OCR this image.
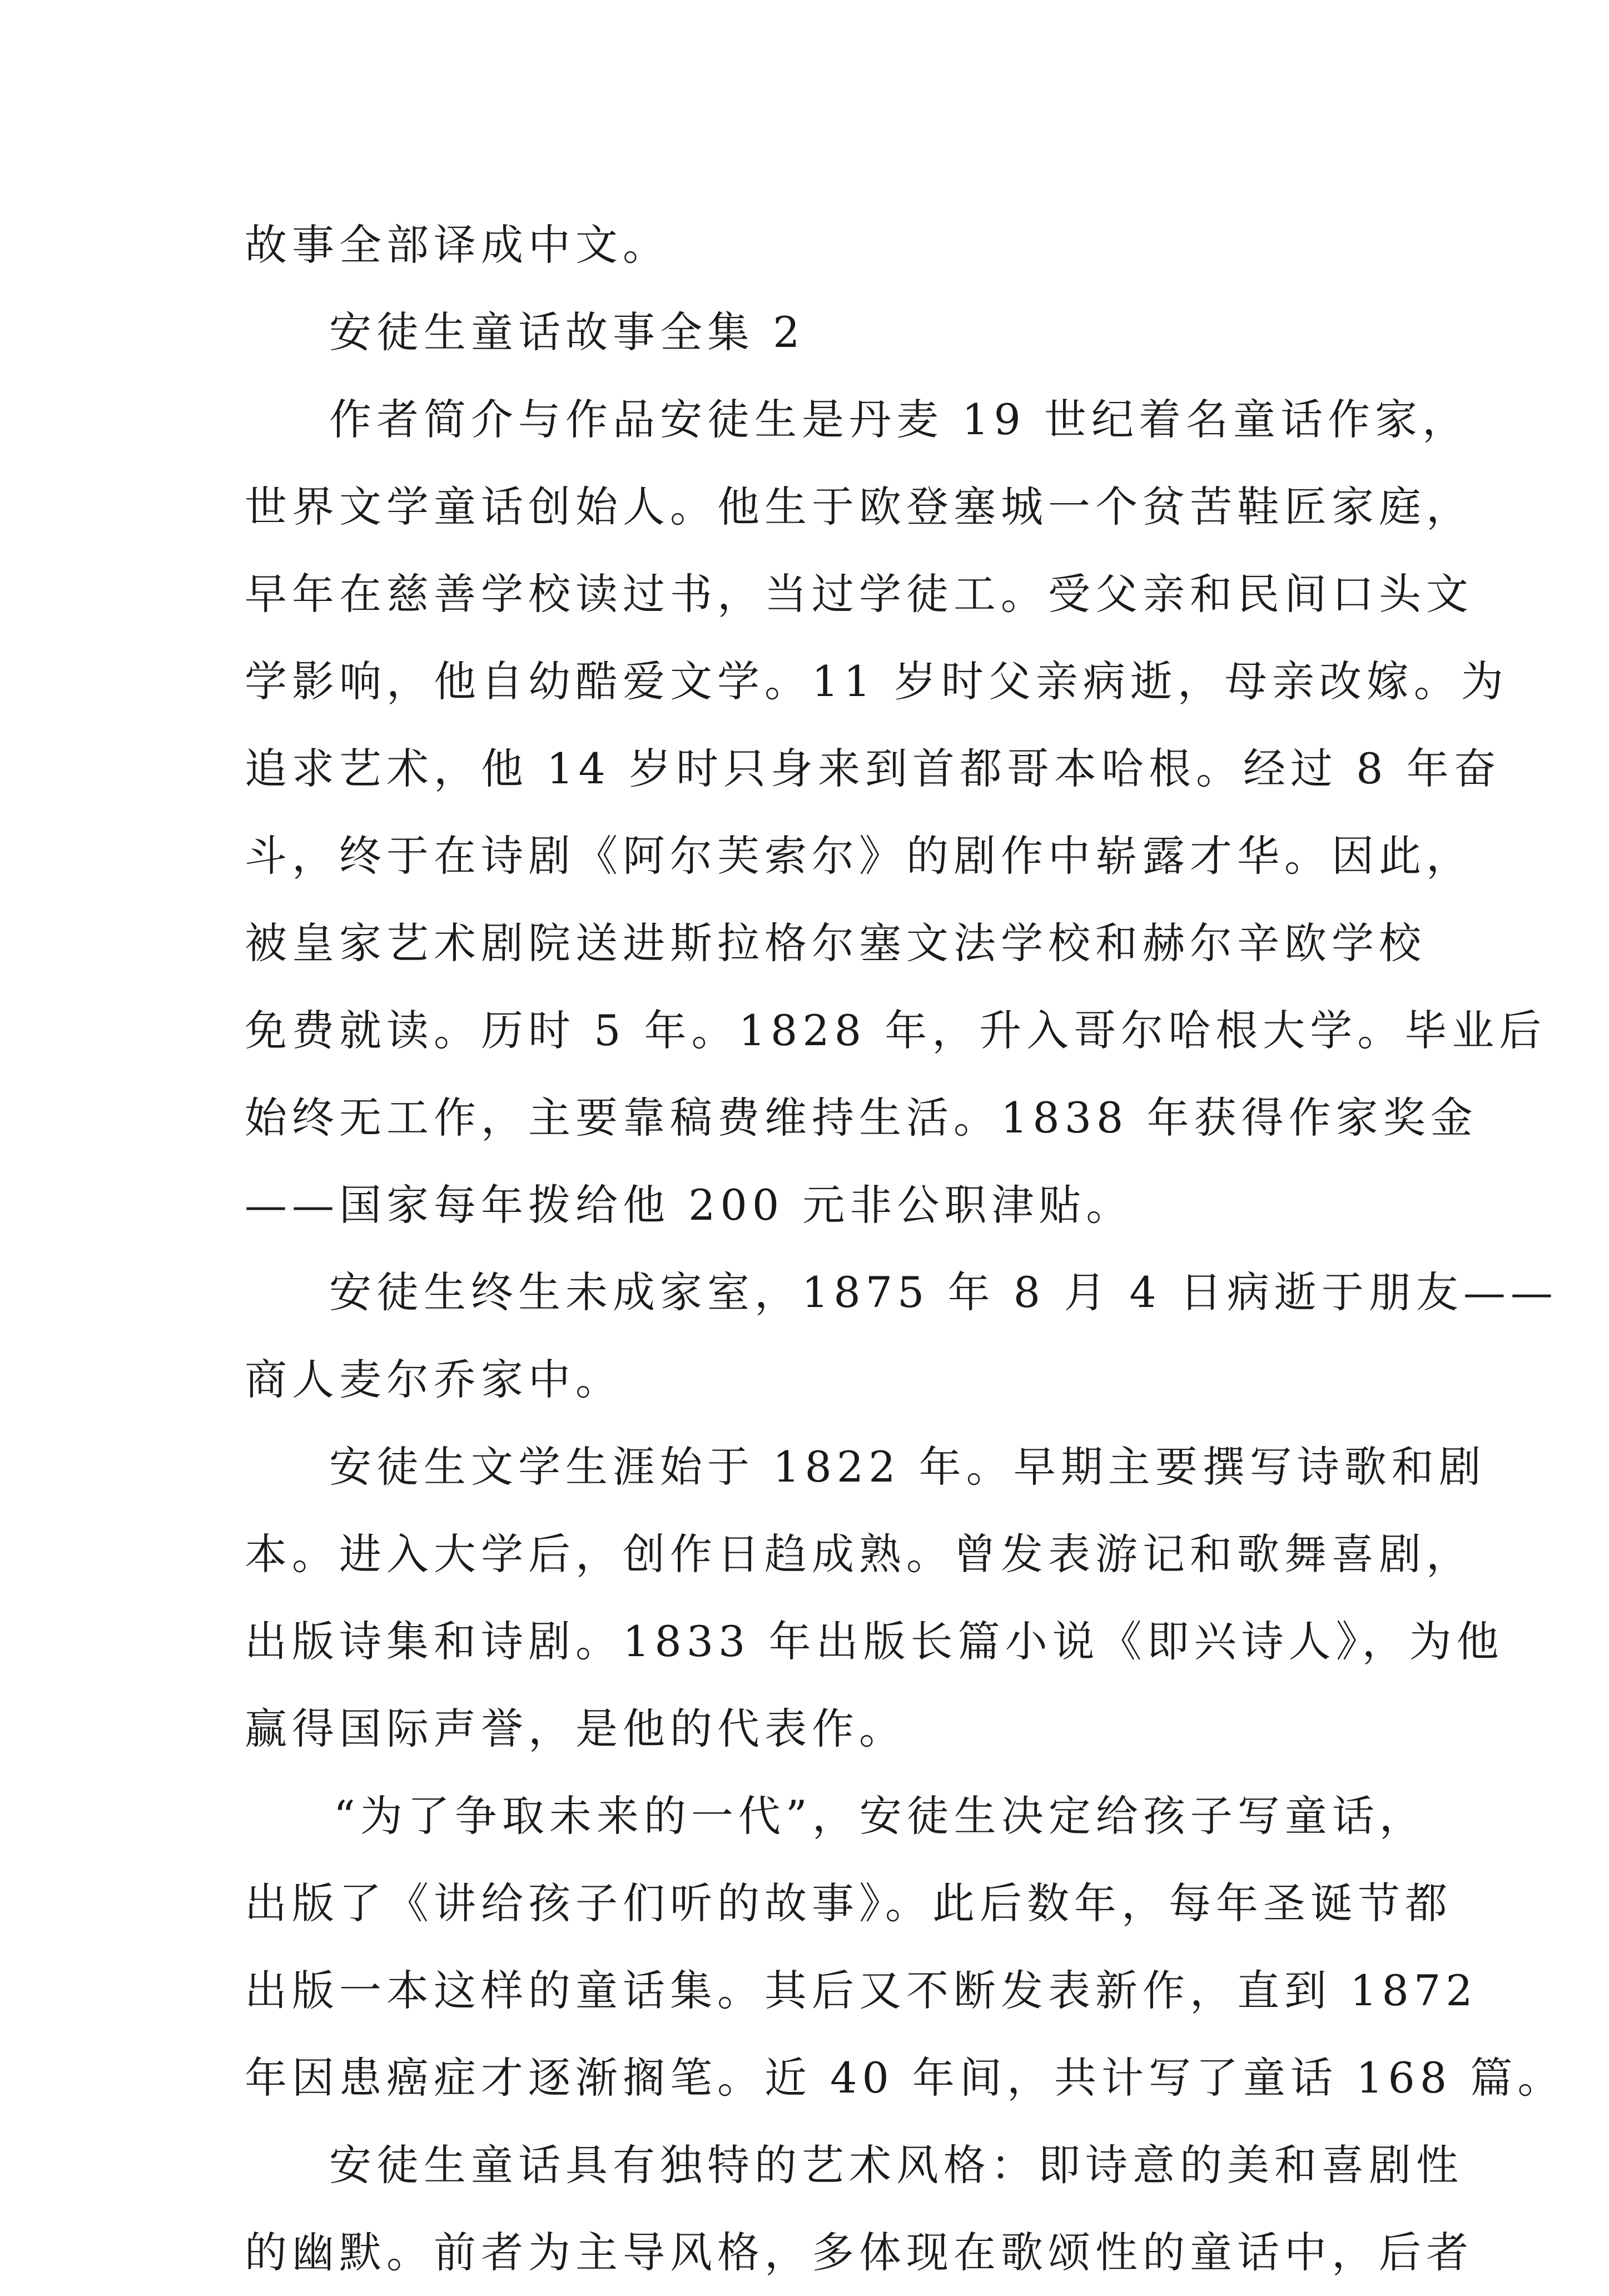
故事全部译成中文。
安徒生童话故事全集 2
作者简介与作品安徒生是丹麦 19 世纪着名童话作家，
世界文学童话创始人。他生于欧登塞城一个贫苦鞋匠家庭，
早年在慈善学校读过书，当过学徒工。受父亲和民间口头文
学影响，他自幼酷爱文学。11 岁时父亲病逝，母亲改嫁。为
追求艺术，他 14 岁时只身来到首都哥本哈根。经过 8 年奋
斗，终于在诗剧《阿尔芙索尔》的剧作中崭露才华。因此，
被皇家艺术剧院送进斯拉格尔塞文法学校和赫尔辛欧学校
免费就读。历时 5 年。1828 年，升入哥尔哈根大学。毕业后
始终无工作，主要靠稿费维持生活。1838 年获得作家奖金
——国家每年拨给他 200 元非公职津贴。
安徒生终生未成家室，1875 年 8 月 4 日病逝于朋友——
商人麦尔乔家中。
安徒生文学生涯始于 1822 年。早期主要撰写诗歌和剧
本。进入大学后，创作日趋成熟。曾发表游记和歌舞喜剧，
出版诗集和诗剧。1833 年出版长篇小说《即兴诗人》，为他
赢得国际声誉，是他的代表作。
“为了争取未来的一代”，安徒生决定给孩子写童话，
出版了《讲给孩子们听的故事》。此后数年，每年圣诞节都
出版一本这样的童话集。其后又不断发表新作，直到 1872
年因患癌症才逐渐搁笔。近 40 年间，共计写了童话 168 篇。
安徒生童话具有独特的艺术风格：即诗意的美和喜剧性
的幽默。前者为主导风格，多体现在歌颂性的童话中，后者
